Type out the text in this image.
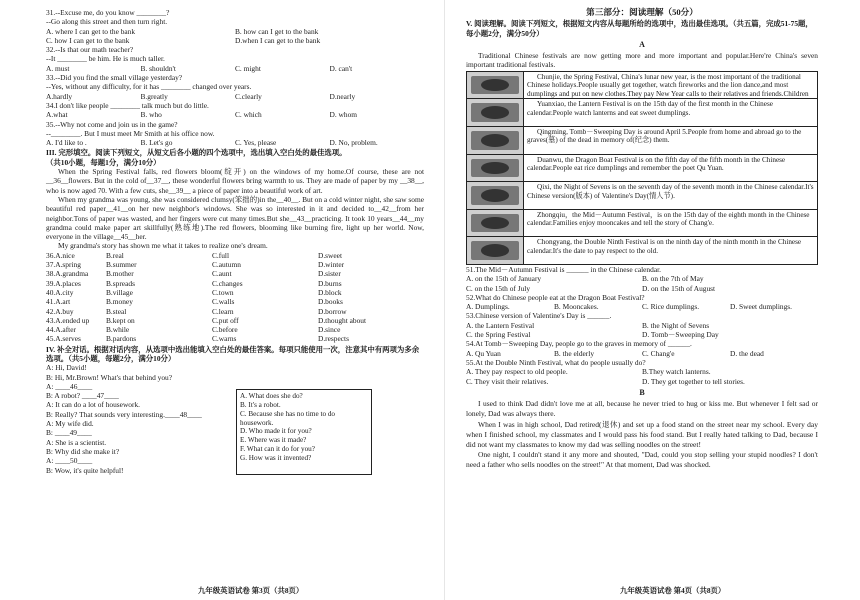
31.--Excuse me, do you know ________?

--Go along this street and then turn right.

A. where I can get to the bank	B. how can I get to the bank
C. how I can get to the bank	D.when I can get to the bank

32.--Is that our math teacher?

--It ________ be him. He is much taller.

A. must	B. shouldn't	C. might	D. can't

33.--Did you find the small village yesterday?

--Yes, without any difficulty, for it has ________ changed over years.

A.hardly	B.greatly	C.clearly	D.nearly

34.I don't like people ________ talk much but do little.

A.what	B. who	C. which	D. whom

35.--Why not come and join us in the game?

--________. But I must meet Mr Smith at his office now.

A. I'd like to .	B. Let's go	C. Yes, please	D. No, problem.

III. 完形填空。阅读下列短文，从短文后各小题的四个选项中，选出填入空白处的最佳选项。

（共10小题，每题1分，满分10分）

When the Spring Festival falls, red flowers bloom(绽开) on the windows of my home.Of course, these are not __36__flowers. But in the cold of__37__, these wonderful flowers bring warmth to us. They are made of paper by my __38__, who is now aged 70. With a few cuts, she__39__ a piece of paper into a beautiful work of art.

When my grandma was young, she was considered clumsy(笨拙的)in the__40__. But on a cold winter night, she saw some beautiful red paper__41__on her new neighbor's windows. She was so interested in it and decided to__42__from her neighbor.Tons of paper was wasted, and her fingers were cut many times.But she__43__practicing. It took 10 years__44__my grandma could make paper art skillfully(熟练地).The red flowers, blooming like burning fire, light up her world. Now, everyone in the village__45__her.

My grandma's story has shown me what it takes to realize one's dream.

36.A.nice	B.real	C.full	D.sweet
37.A.spring	B.summer	C.autumn	D.winter
38.A.grandma	B.mother	C.aunt	D.sister
39.A.places	B.spreads	C.changes	D.burns
40.A.city	B.village	C.town	D.block
41.A.art	B.money	C.walls	D.books
42.A.buy	B.steal	C.learn	D.borrow
43.A.ended up	B.kept on	C.put off	D.thought about
44.A.after	B.while	C.before	D.since
45.A.serves	B.pardons	C.warns	D.respects

IV. 补全对话。根据对话内容，从选项中选出能填入空白处的最佳答案。每项只能使用一次，注意其中有两项为多余选项。（共5小题，每题2分，满分10分）

A: Hi, David!
B: Hi, Mr.Brown! What's that behind you?
A: ____46____
B: A robot? ____47____
A: It can do a lot of housework.
B: Really? That sounds very interesting.____48____
A: My wife did.
B: ____49____
A: She is a scientist.
B: Why did she make it?
A: ____50____
B: Wow, it's quite helpful!
A. What does she do?
B. It's a robot.
C. Because she has no time to do
housework.
D. Who made it for you?
E. Where was it made?
F. What can it do for you?
G. How was it invented?
九年级英语试卷 第3页（共8页）

第三部分：阅读理解（50分）

V. 阅读理解。阅读下列短文，根据短文内容从每题所给的选项中，选出最佳选项。（共五篇，完成51-75题，每小题2分，满分50分）

A

Traditional Chinese festivals are now getting more and more important and popular.Here're China's seven important traditional festivals.

Chunjie, the Spring Festival, China's lunar new year, is the most important of the traditional Chinese holidays.People usually get together, watch fireworks and the lion dance,and most dumplings and put on new clothes.They pay New Year calls to their relatives and friends.Children
Yuanxiao, the Lantern Festival is on the 15th day of the first month in the Chinese calendar.People watch lanterns and eat sweet dumplings.
Qingming, Tomb－Sweeping Day is around April 5.People from home and abroad go to the graves(墓) of the dead in memory of(纪念) them.
Duanwu, the Dragon Boat Festival is on the fifth day of the fifth month in the Chinese calendar.People eat rice dumplings and remember the poet Qu Yuan.
Qixi, the Night of Sevens is on the seventh day of the seventh month in the Chinese calendar.It's Chinese version(版本) of Valentine's Day(情人节).
Zhongqiu，the Mid－Autumn Festival，is on the 15th day of the eighth month in the Chinese calendar.Families enjoy mooncakes and tell the story of Chang'e.
Chongyang, the Double Ninth Festival is on the ninth day of the ninth month in the Chinese calendar.It's the date to pay respect to the old.

51.The Mid－Autumn Festival is ______ in the Chinese calendar.

A. on the 15th of January	B. on the 7th of May
C. on the 15th of July	D. on the 15th of August

52.What do Chinese people eat at the Dragon Boat Festival?

A. Dumplings.	B. Mooncakes.	C. Rice dumplings.	D. Sweet dumplings.

53.Chinese version of Valentine's Day is ______.

A. the Lantern Festival	B. the Night of Sevens
C. the Spring Festival	D. Tomb－Sweeping Day

54.At Tomb－Sweeping Day, people go to the graves in memory of ______.

A. Qu Yuan	B. the elderly	C. Chang'e	D. the dead

55.At the Double Ninth Festival, what do people usually do?

A. They pay respect to old people.	B.They watch lanterns.
C. They visit their relatives.	D. They get together to tell stories.

B

I used to think Dad didn't love me at all, because he never tried to hug or kiss me. But whenever I felt sad or lonely, Dad was always there.

When I was in high school, Dad retired(退休) and set up a food stand on the street near my school. Every day when I finished school, my classmates and I would pass his food stand. But I really hated talking to Dad, because I did not want my classmates to know my dad was selling noodles on the street!

One night, I couldn't stand it any more and shouted, "Dad, could you stop selling your stupid noodles? I don't need a father who sells noodles on the street!" At that moment, Dad was shocked.

九年级英语试卷 第4页（共8页）
